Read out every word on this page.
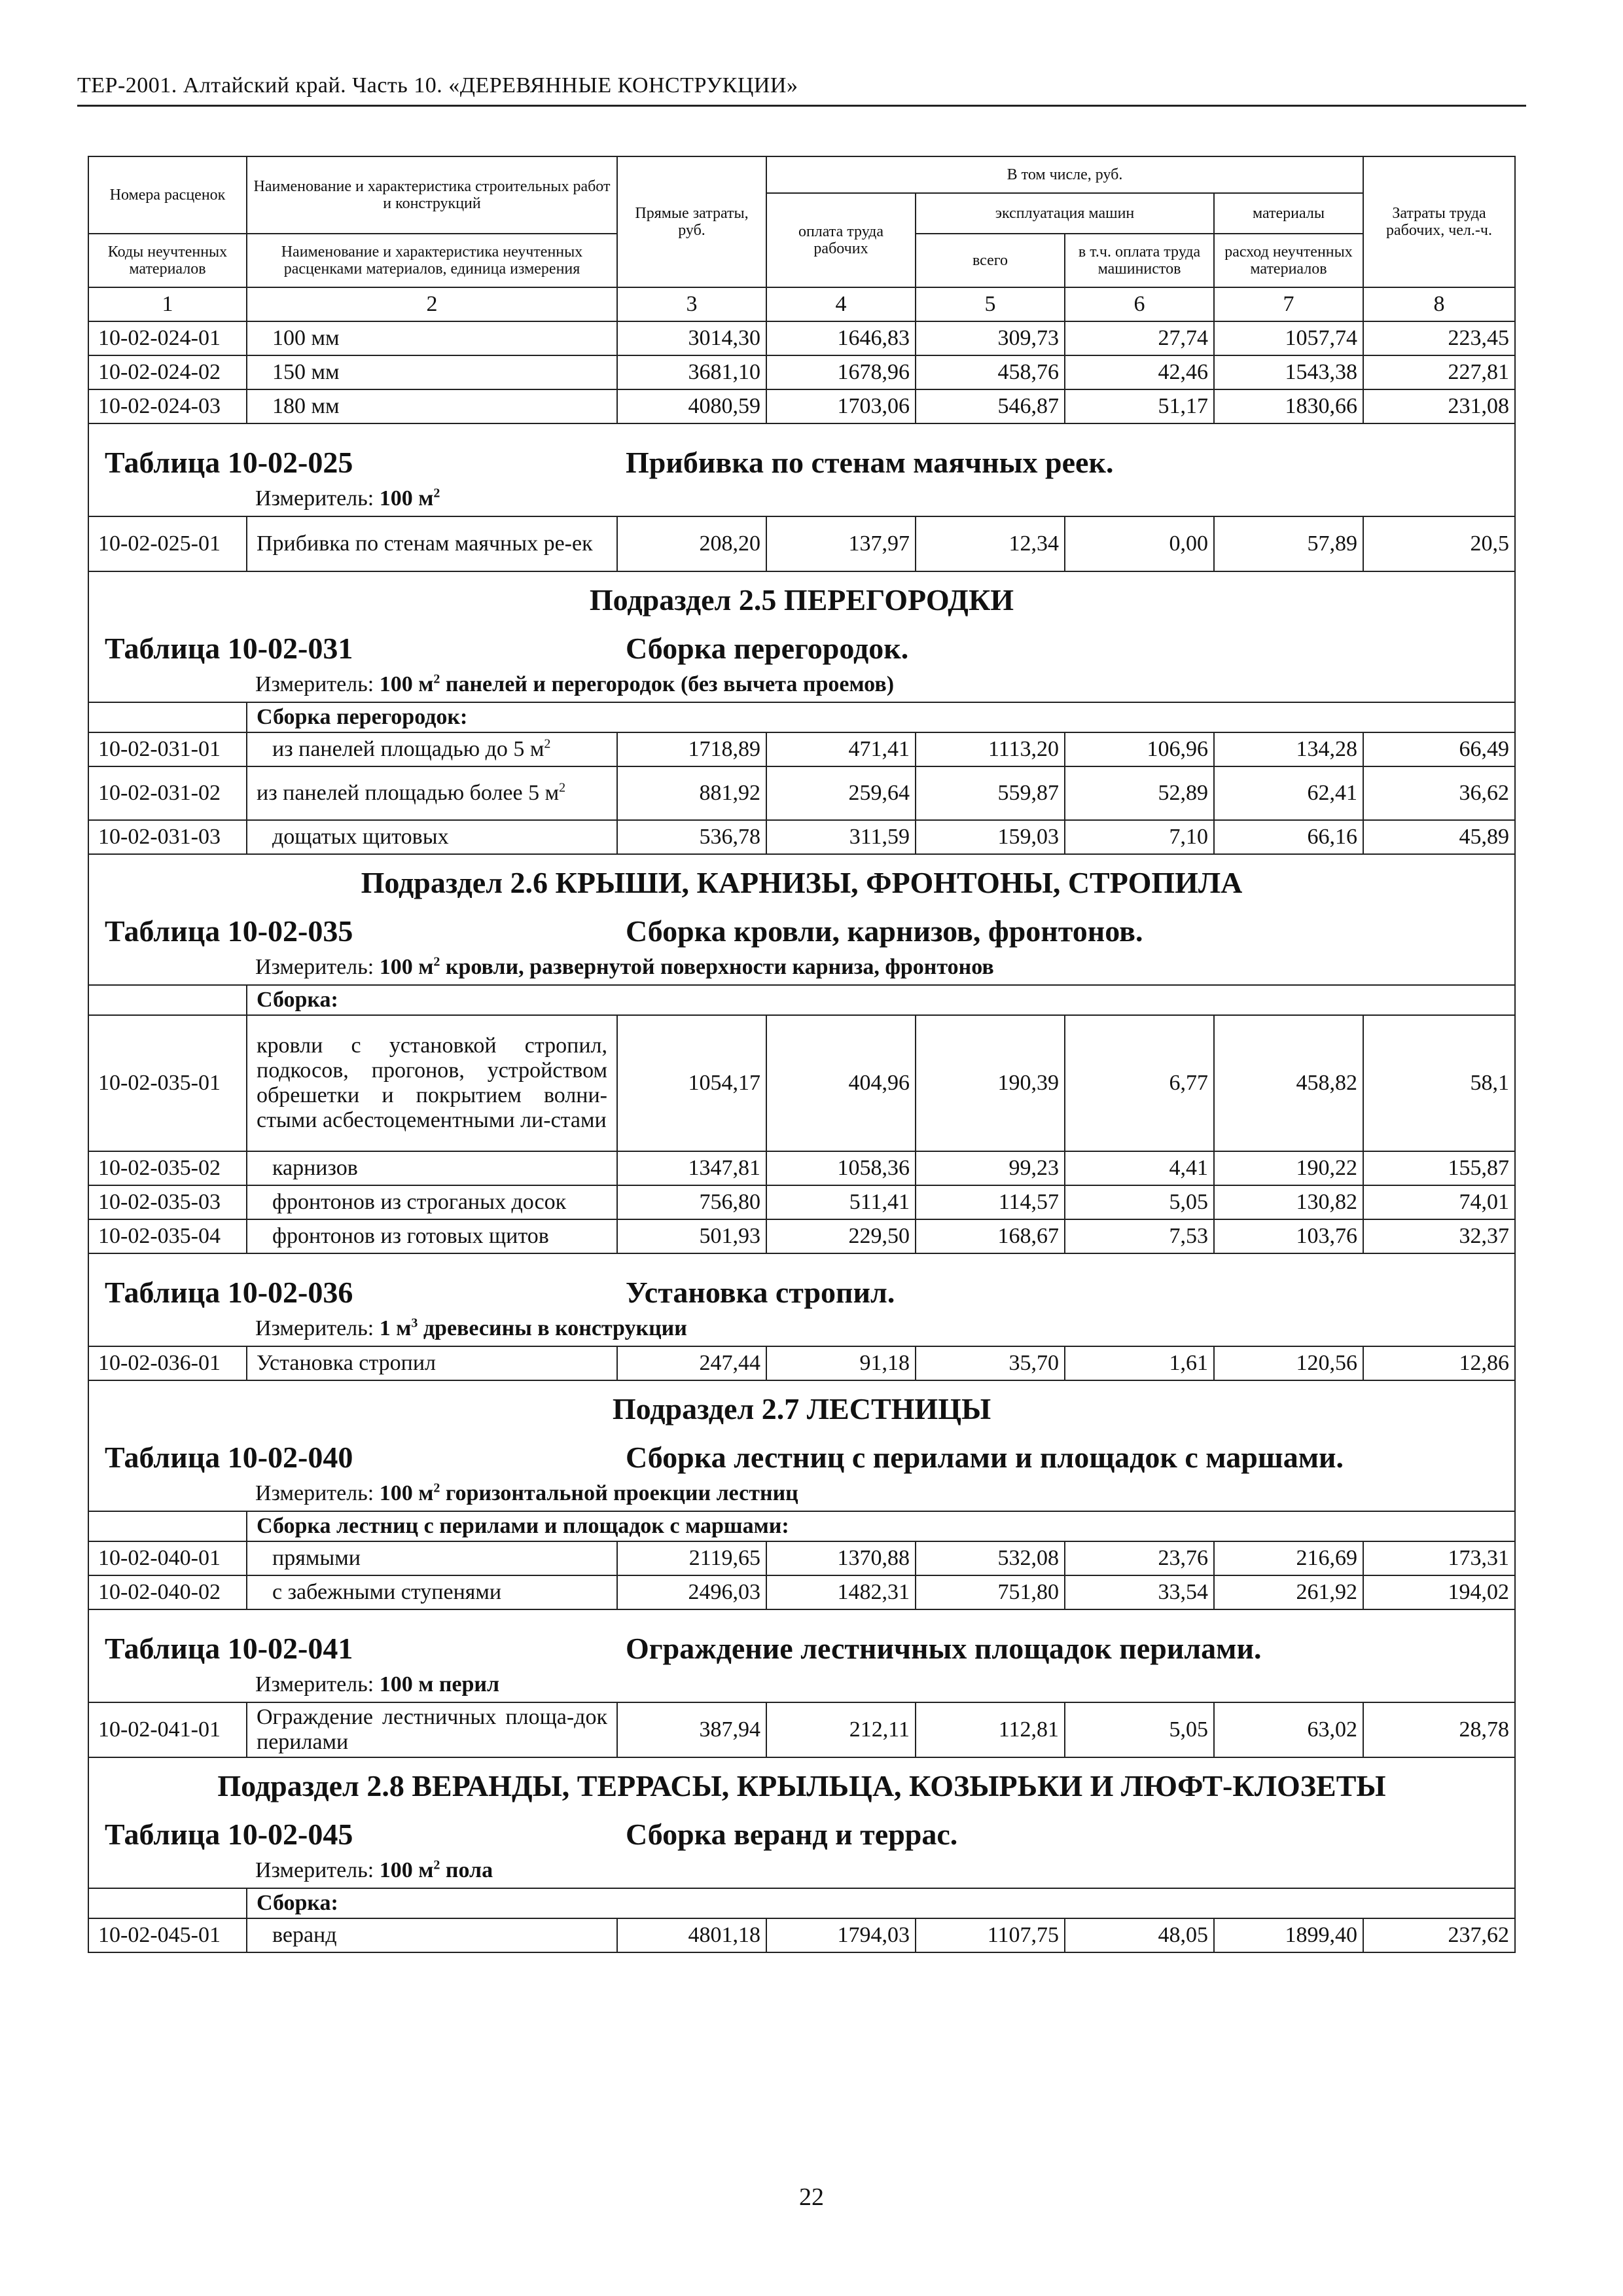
ТЕР-2001. Алтайский край. Часть 10. «ДЕРЕВЯННЫЕ КОНСТРУКЦИИ»
Номера расценок	Наименование и характеристика строительных работ и конструкций	Прямые затраты, руб.	В том числе, руб.				Затраты труда рабочих, чел.-ч.
			оплата труда рабочих	эксплуатация машин		материалы	
Коды неучтенных материалов	Наименование и характеристика неучтенных расценками материалов, единица измерения			всего	в т.ч. оплата труда машинистов	расход неучтенных материалов	

1	2	3	4	5	6	7	8
10-02-024-01	100 мм	3014,30	1646,83	309,73	27,74	1057,74	223,45
10-02-024-02	150 мм	3681,10	1678,96	458,76	42,46	1543,38	227,81
10-02-024-03	180 мм	4080,59	1703,06	546,87	51,17	1830,66	231,08

Таблица 10-02-025 Прибивка по стенам маячных реек.
Измеритель: 100 $м^2$

10-02-025-01	Прибивка по стенам маячных ре-ек	208,20	137,97	12,34	0,00	57,89	20,5

Подраздел 2.5 ПЕРЕГОРОДКИ
Таблица 10-02-031 Сборка перегородок.
Измеритель: 100 $м^2$ панелей и перегородок (без вычета проемов)							

	Сборка перегородок:						
10-02-031-01	из панелей площадью до 5 $м^2$	1718,89	471,41	1113,20	106,96	134,28	66,49
10-02-031-02	из панелей площадью более 5 $м^2$	881,92	259,64	559,87	52,89	62,41	36,62
10-02-031-03	дощатых щитовых	536,78	311,59	159,03	7,10	66,16	45,89

Подраздел 2.6 КРЫШИ, КАРНИЗЫ, ФРОНТОНЫ, СТРОПИЛА
Таблица 10-02-035 Сборка кровли, карнизов, фронтонов.
Измеритель: 100 $м^2$ кровли, развернутой поверхности карниза, фронтонов							

	Сборка:						
10-02-035-01	кровли с установкой стропил, подкосов, прогонов, устройством обрешетки и покрытием волни-стыми асбестоцементными ли-стами	1054,17	404,96	190,39	6,77	458,82	58,1
10-02-035-02	карнизов	1347,81	1058,36	99,23	4,41	190,22	155,87
10-02-035-03	фронтонов из строганых досок	756,80	511,41	114,57	5,05	130,82	74,01
10-02-035-04	фронтонов из готовых щитов	501,93	229,50	168,67	7,53	103,76	32,37

Таблица 10-02-036 Установка стропил.
Измеритель: 1 $м^3$ древесины в конструкции							

10-02-036-01	Установка стропил	247,44	91,18	35,70	1,61	120,56	12,86

Подраздел 2.7 ЛЕСТНИЦЫ
Таблица 10-02-040 Сборка лестниц с перилами и площадок с маршами.
Измеритель: 100 $м^2$ горизонтальной проекции лестниц							

	Сборка лестниц с перилами и площадок с маршами:						
10-02-040-01	прямыми	2119,65	1370,88	532,08	23,76	216,69	173,31
10-02-040-02	с забежными ступенями	2496,03	1482,31	751,80	33,54	261,92	194,02

Таблица 10-02-041 Ограждение лестничных площадок перилами.
Измеритель: 100 м перил							

10-02-041-01	Ограждение лестничных площа-док перилами	387,94	212,11	112,81	5,05	63,02	28,78

Подраздел 2.8 ВЕРАНДЫ, ТЕРРАСЫ, КРЫЛЬЦА, КОЗЫРЬКИ И ЛЮФТ-КЛОЗЕТЫ
Таблица 10-02-045 Сборка веранд и террас.
Измеритель: 100 $м^2$ пола							

	Сборка:						
10-02-045-01	веранд	4801,18	1794,03	1107,75	48,05	1899,40	237,62
22
